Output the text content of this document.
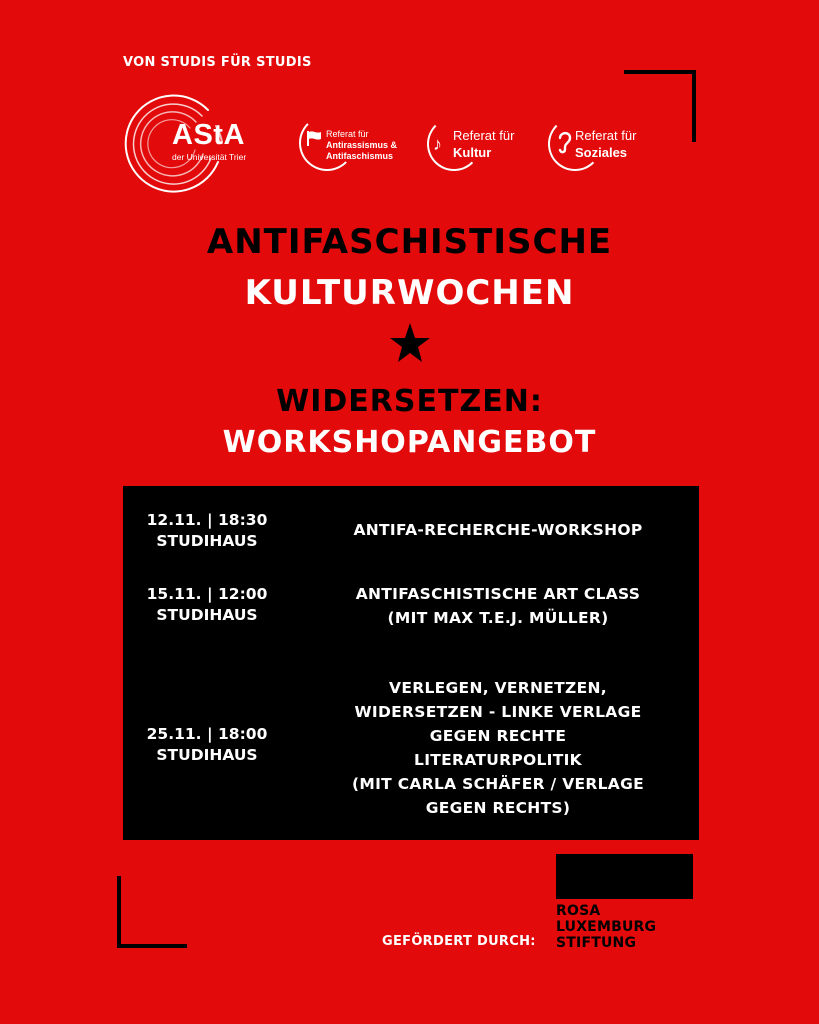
VON STUDIS FÜR STUDIS
AStA
der Universität Trier
Referat für
Antirassismus &
Antifaschismus
♪ Referat für
Kultur
Referat für
Soziales
ANTIFASCHISTISCHE
KULTURWOCHEN
WIDERSETZEN:
WORKSHOPANGEBOT
12.11. | 18:30
STUDIHAUS
ANTIFA-RECHERCHE-WORKSHOP
15.11. | 12:00
STUDIHAUS
ANTIFASCHISTISCHE ART CLASS
(MIT MAX T.E.J. MÜLLER)
25.11. | 18:00
STUDIHAUS
VERLEGEN, VERNETZEN,
WIDERSETZEN - LINKE VERLAGE
GEGEN RECHTE
LITERATURPOLITIK
(MIT CARLA SCHÄFER / VERLAGE
GEGEN RECHTS)
GEFÖRDERT DURCH:
ROSA
LUXEMBURG
STIFTUNG
